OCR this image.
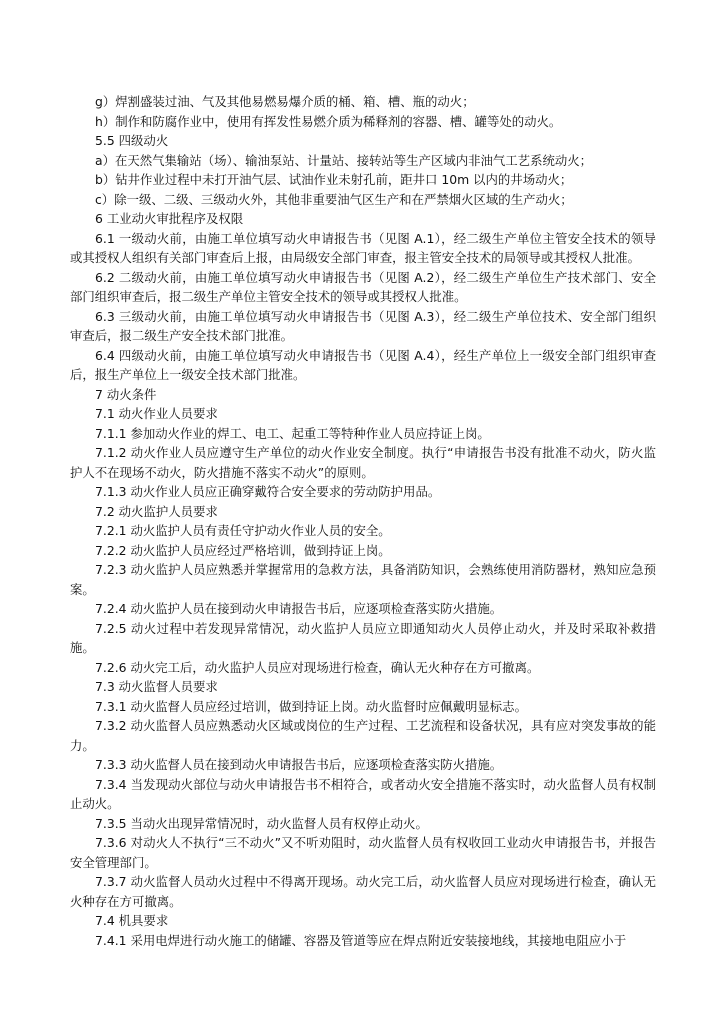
g）焊割盛装过油、气及其他易燃易爆介质的桶、箱、槽、瓶的动火；

h）制作和防腐作业中，使用有挥发性易燃介质为稀释剂的容器、槽、罐等处的动火。

5.5 四级动火

a）在天然气集输站（场）、输油泵站、计量站、接转站等生产区域内非油气工艺系统动火；

b）钻井作业过程中未打开油气层、试油作业未射孔前，距井口 10m 以内的井场动火；

c）除一级、二级、三级动火外，其他非重要油气区生产和在严禁烟火区域的生产动火；

6 工业动火审批程序及权限

6.1 一级动火前，由施工单位填写动火申请报告书（见图 A.1），经二级生产单位主管安全技术的领导或其授权人组织有关部门审查后上报，由局级安全部门审查，报主管安全技术的局领导或其授权人批准。

6.2 二级动火前，由施工单位填写动火申请报告书（见图 A.2），经二级生产单位生产技术部门、安全部门组织审查后，报二级生产单位主管安全技术的领导或其授权人批准。

6.3 三级动火前，由施工单位填写动火申请报告书（见图 A.3），经二级生产单位技术、安全部门组织审查后，报二级生产安全技术部门批准。

6.4 四级动火前，由施工单位填写动火申请报告书（见图 A.4），经生产单位上一级安全部门组织审查后，报生产单位上一级安全技术部门批准。

7 动火条件

7.1 动火作业人员要求

7.1.1 参加动火作业的焊工、电工、起重工等特种作业人员应持证上岗。

7.1.2 动火作业人员应遵守生产单位的动火作业安全制度。执行“申请报告书没有批准不动火，防火监护人不在现场不动火，防火措施不落实不动火”的原则。

7.1.3 动火作业人员应正确穿戴符合安全要求的劳动防护用品。

7.2 动火监护人员要求

7.2.1 动火监护人员有责任守护动火作业人员的安全。

7.2.2 动火监护人员应经过严格培训，做到持证上岗。

7.2.3 动火监护人员应熟悉并掌握常用的急救方法，具备消防知识，会熟练使用消防器材，熟知应急预案。

7.2.4 动火监护人员在接到动火申请报告书后，应逐项检查落实防火措施。

7.2.5 动火过程中若发现异常情况，动火监护人员应立即通知动火人员停止动火，并及时采取补救措施。

7.2.6 动火完工后，动火监护人员应对现场进行检查，确认无火种存在方可撤离。

7.3 动火监督人员要求

7.3.1 动火监督人员应经过培训，做到持证上岗。动火监督时应佩戴明显标志。

7.3.2 动火监督人员应熟悉动火区域或岗位的生产过程、工艺流程和设备状况，具有应对突发事故的能力。

7.3.3 动火监督人员在接到动火申请报告书后，应逐项检查落实防火措施。

7.3.4 当发现动火部位与动火申请报告书不相符合，或者动火安全措施不落实时，动火监督人员有权制止动火。

7.3.5 当动火出现异常情况时，动火监督人员有权停止动火。

7.3.6 对动火人不执行“三不动火”又不听劝阻时，动火监督人员有权收回工业动火申请报告书，并报告安全管理部门。

7.3.7 动火监督人员动火过程中不得离开现场。动火完工后，动火监督人员应对现场进行检查，确认无火种存在方可撤离。

7.4 机具要求

7.4.1 采用电焊进行动火施工的储罐、容器及管道等应在焊点附近安装接地线，其接地电阻应小于
